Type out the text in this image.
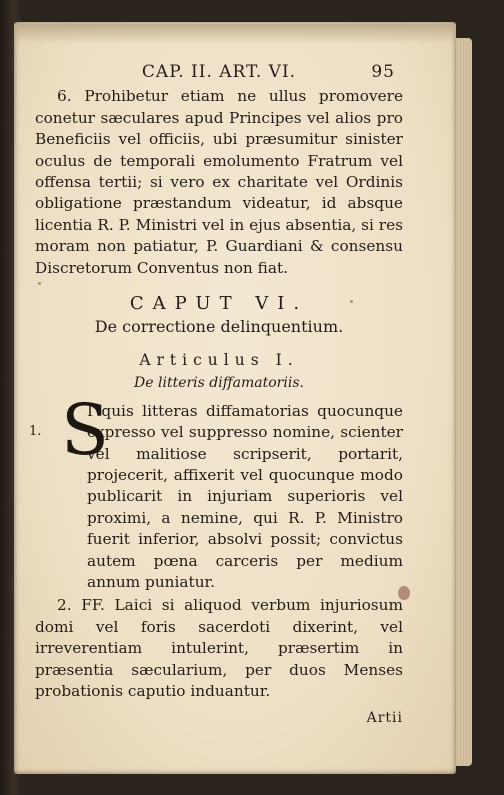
CAP. II. ART. VI.	95

6. Prohibetur etiam ne ullus promovere conetur sæculares apud Principes vel alios pro Beneficiis vel officiis, ubi præsumitur sinister oculus de temporali emolumento Fratrum vel offensa tertii; si vero ex charitate vel Ordinis obligatione præstandum videatur, id absque licentia R. P. Ministri vel in ejus absentia, si res moram non patiatur, P. Guardiani & consensu Discretorum Conventus non fiat.

CAPUT VI.
De correctione delinquentium.
Articulus I.
De litteris diffamatoriis.
1. S
I quis litteras diffamatorias quocunque expresso vel suppresso nomine, scienter vel malitiose scripserit, portarit, projecerit, affixerit vel quocunque modo publicarit in injuriam superioris vel proximi, a nemine, qui R. P. Ministro fuerit inferior, absolvi possit; convictus autem pœna carceris per medium annum puniatur.

2. FF. Laici si aliquod verbum injuriosum domi vel foris sacerdoti dixerint, vel irreverentiam intulerint, præsertim in præsentia sæcularium, per duos Menses probationis caputio induantur.

Artii
